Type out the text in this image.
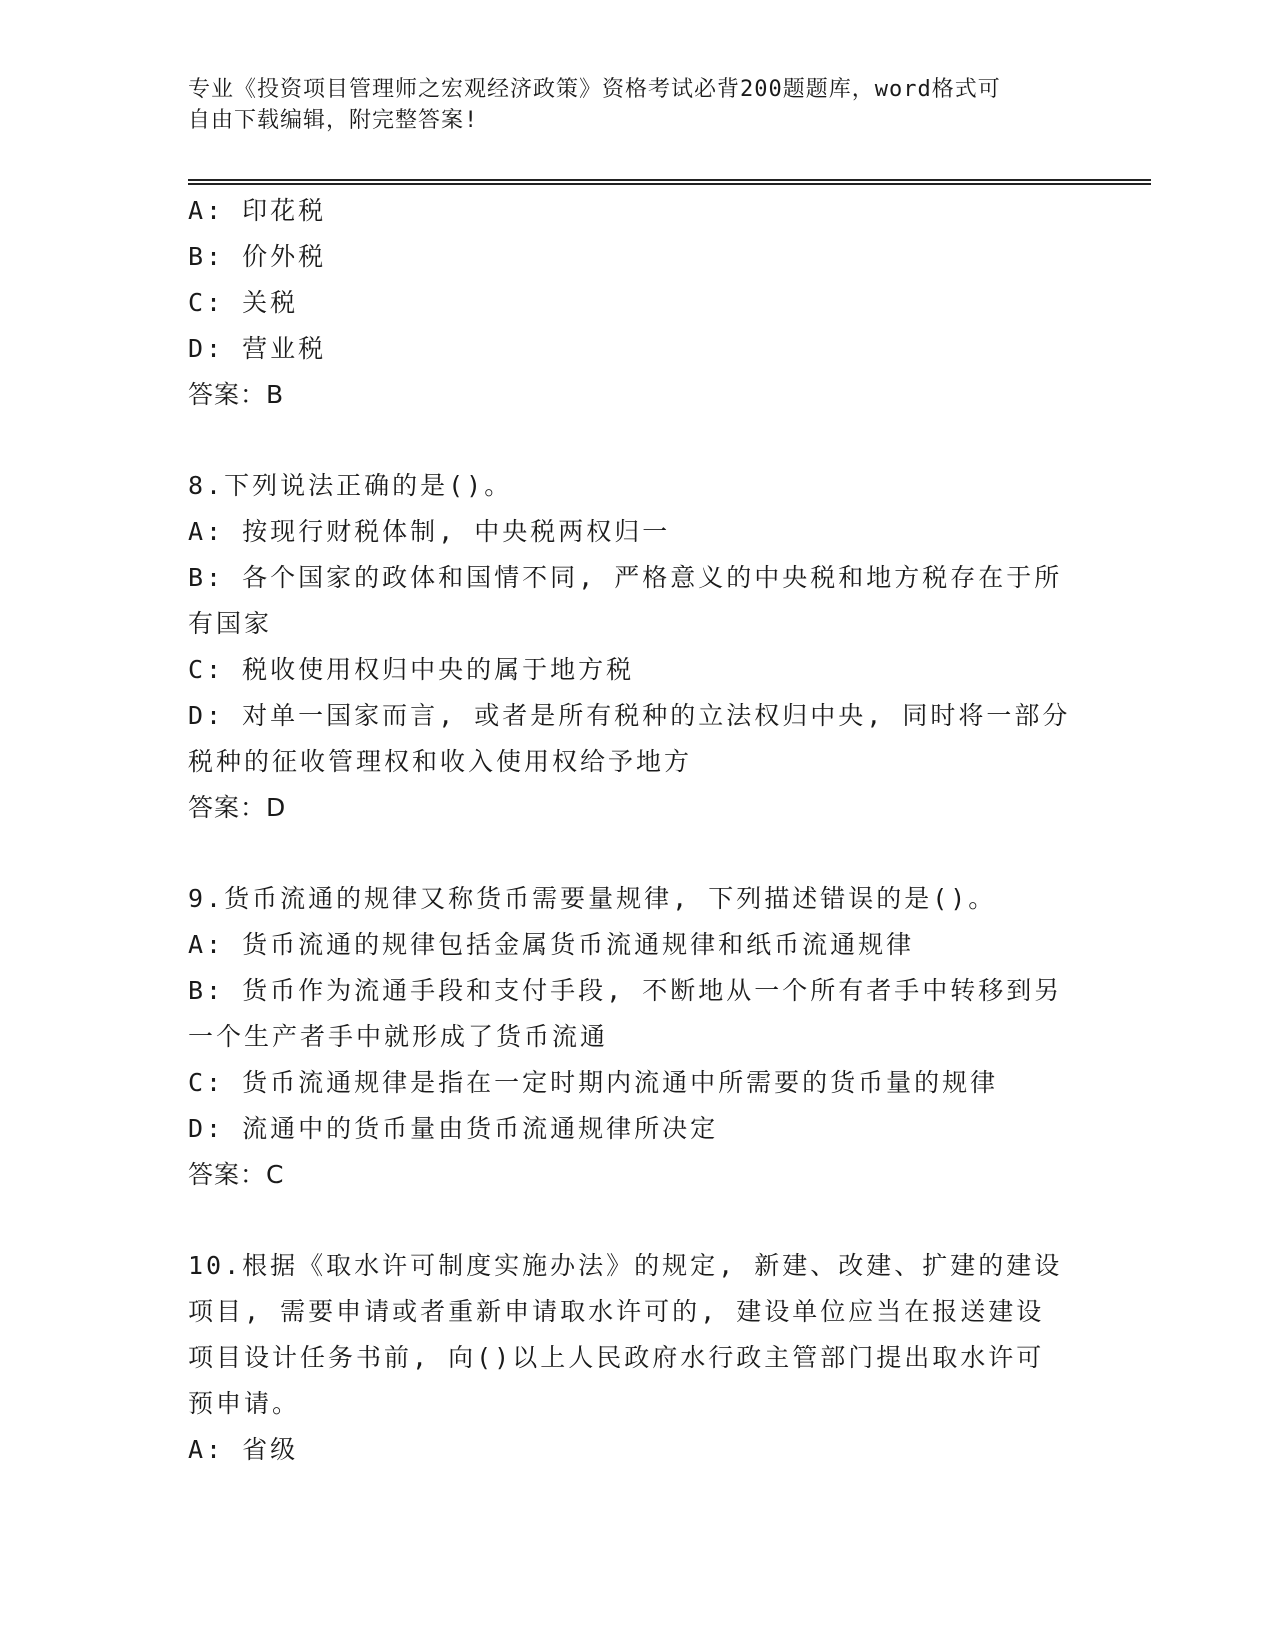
专业《投资项目管理师之宏观经济政策》资格考试必背200题题库，word格式可
自由下载编辑，附完整答案!
A: 印花税
B: 价外税
C: 关税
D: 营业税
答案：B
8.下列说法正确的是()。
A: 按现行财税体制, 中央税两权归一
B: 各个国家的政体和国情不同, 严格意义的中央税和地方税存在于所
有国家
C: 税收使用权归中央的属于地方税
D: 对单一国家而言, 或者是所有税种的立法权归中央, 同时将一部分
税种的征收管理权和收入使用权给予地方
答案：D
9.货币流通的规律又称货币需要量规律, 下列描述错误的是()。
A: 货币流通的规律包括金属货币流通规律和纸币流通规律
B: 货币作为流通手段和支付手段, 不断地从一个所有者手中转移到另
一个生产者手中就形成了货币流通
C: 货币流通规律是指在一定时期内流通中所需要的货币量的规律
D: 流通中的货币量由货币流通规律所决定
答案：C
10.根据《取水许可制度实施办法》的规定, 新建、改建、扩建的建设
项目, 需要申请或者重新申请取水许可的, 建设单位应当在报送建设
项目设计任务书前, 向()以上人民政府水行政主管部门提出取水许可
预申请。
A: 省级
